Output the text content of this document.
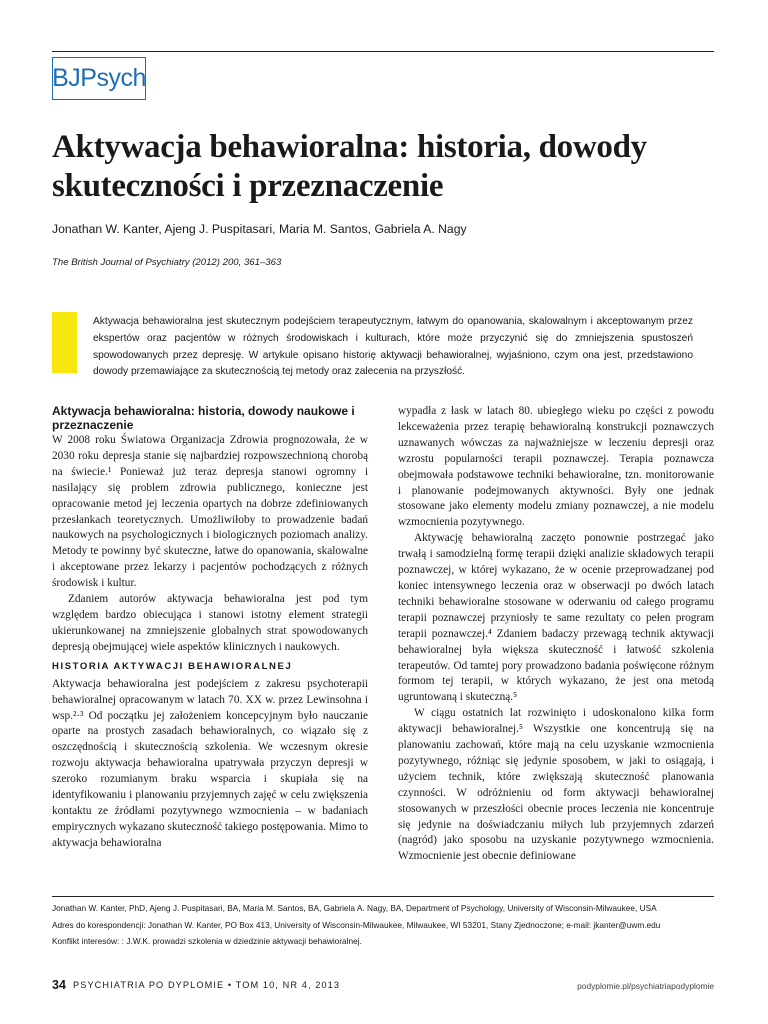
BJPsych
Aktywacja behawioralna: historia, dowody skuteczności i przeznaczenie
Jonathan W. Kanter, Ajeng J. Puspitasari, Maria M. Santos, Gabriela A. Nagy
The British Journal of Psychiatry (2012) 200, 361–363

Aktywacja behawioralna jest skutecznym podejściem terapeutycznym, łatwym do opanowania, skalowalnym i akceptowanym przez ekspertów oraz pacjentów w różnych środowiskach i kulturach, które może przyczynić się do zmniejszenia spustoszeń spowodowanych przez depresję. W artykule opisano historię aktywacji behawioralnej, wyjaśniono, czym ona jest, przedstawiono dowody przemawiające za skutecznością tej metody oraz zalecenia na przyszłość.

Aktywacja behawioralna: historia, dowody naukowe i przeznaczenie

W 2008 roku Światowa Organizacja Zdrowia prognozowała, że w 2030 roku depresja stanie się najbardziej rozpowszechnioną chorobą na świecie.¹ Ponieważ już teraz depresja stanowi ogromny i nasilający się problem zdrowia publicznego, konieczne jest opracowanie metod jej leczenia opartych na dobrze zdefiniowanych przesłankach teoretycznych. Umożliwiłoby to prowadzenie badań naukowych na psychologicznych i biologicznych poziomach analizy. Metody te powinny być skuteczne, łatwe do opanowania, skalowalne i akceptowane przez lekarzy i pacjentów pochodzących z różnych środowisk i kultur.

Zdaniem autorów aktywacja behawioralna jest pod tym względem bardzo obiecująca i stanowi istotny element strategii ukierunkowanej na zmniejszenie globalnych strat spowodowanych depresją obejmującej wiele aspektów klinicznych i naukowych.

HISTORIA AKTYWACJI BEHAWIORALNEJ

Aktywacja behawioralna jest podejściem z zakresu psychoterapii behawioralnej opracowanym w latach 70. XX w. przez Lewinsohna i wsp.²·³ Od początku jej założeniem koncepcyjnym było nauczanie oparte na prostych zasadach behawioralnych, co wiązało się z oszczędnością i skutecznością szkolenia. We wczesnym okresie rozwoju aktywacja behawioralna upatrywała przyczyn depresji w szeroko rozumianym braku wsparcia i skupiała się na identyfikowaniu i planowaniu przyjemnych zajęć w celu zwiększenia kontaktu ze źródłami pozytywnego wzmocnienia – w badaniach empirycznych wykazano skuteczność takiego postępowania. Mimo to aktywacja behawioralna

wypadła z łask w latach 80. ubiegłego wieku po części z powodu lekceważenia przez terapię behawioralną konstrukcji poznawczych uznawanych wówczas za najważniejsze w leczeniu depresji oraz wzrostu popularności terapii poznawczej. Terapia poznawcza obejmowała podstawowe techniki behawioralne, tzn. monitorowanie i planowanie podejmowanych aktywności. Były one jednak stosowane jako elementy modelu zmiany poznawczej, a nie modelu wzmocnienia pozytywnego.

Aktywację behawioralną zaczęto ponownie postrzegać jako trwałą i samodzielną formę terapii dzięki analizie składowych terapii poznawczej, w której wykazano, że w ocenie przeprowadzanej pod koniec intensywnego leczenia oraz w obserwacji po dwóch latach techniki behawioralne stosowane w oderwaniu od całego programu terapii poznawczej przyniosły te same rezultaty co pełen program terapii poznawczej.⁴ Zdaniem badaczy przewagą technik aktywacji behawioralnej była większa skuteczność i łatwość szkolenia terapeutów. Od tamtej pory prowadzono badania poświęcone różnym formom tej terapii, w których wykazano, że jest ona metodą ugruntowaną i skuteczną.⁵

W ciągu ostatnich lat rozwinięto i udoskonalono kilka form aktywacji behawioralnej.⁵ Wszystkie one koncentrują się na planowaniu zachowań, które mają na celu uzyskanie wzmocnienia pozytywnego, różniąc się jedynie sposobem, w jaki to osiągają, i użyciem technik, które zwiększają skuteczność planowania czynności. W odróżnieniu od form aktywacji behawioralnej stosowanych w przeszłości obecnie proces leczenia nie koncentruje się jedynie na doświadczaniu miłych lub przyjemnych zdarzeń (nagród) jako sposobu na uzyskanie pozytywnego wzmocnienia. Wzmocnienie jest obecnie definiowane

Jonathan W. Kanter, PhD, Ajeng J. Puspitasari, BA, Maria M. Santos, BA, Gabriela A. Nagy, BA, Department of Psychology, University of Wisconsin-Milwaukee, USA
Adres do korespondencji: Jonathan W. Kanter, PO Box 413, University of Wisconsin-Milwaukee, Milwaukee, WI 53201, Stany Zjednoczone; e-mail: jkanter@uwm.edu
Konflikt interesów: : J.W.K. prowadzi szkolenia w dziedzinie aktywacji behawioralnej.
34 PSYCHIATRIA PO DYPLOMIE • TOM 10, NR 4, 2013	podyplomie.pl/psychiatriapodyplomie
